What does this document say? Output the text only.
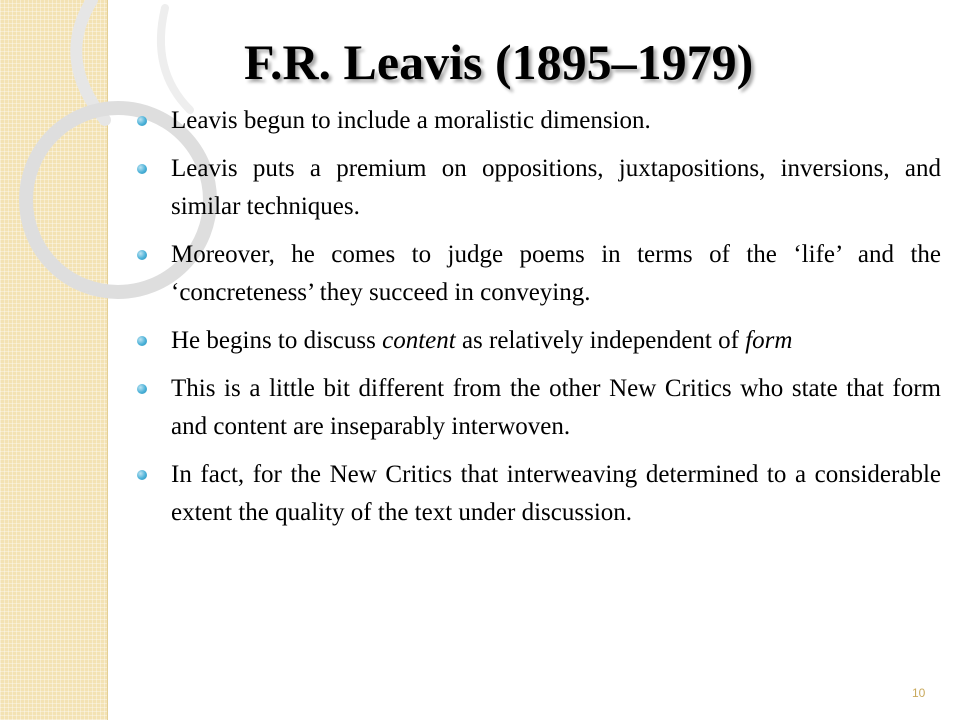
F.R. Leavis (1895–1979)
Leavis begun to include a moralistic dimension.
Leavis puts a premium on oppositions, juxtapositions, inversions, and similar techniques.
Moreover, he comes to judge poems in terms of the ‘life’ and the ‘concreteness’ they succeed in conveying.
He begins to discuss content as relatively independent of form
This is a little bit different from the other New Critics who state that form and content are inseparably interwoven.
In fact, for the New Critics that interweaving determined to a considerable extent the quality of the text under discussion.
10
